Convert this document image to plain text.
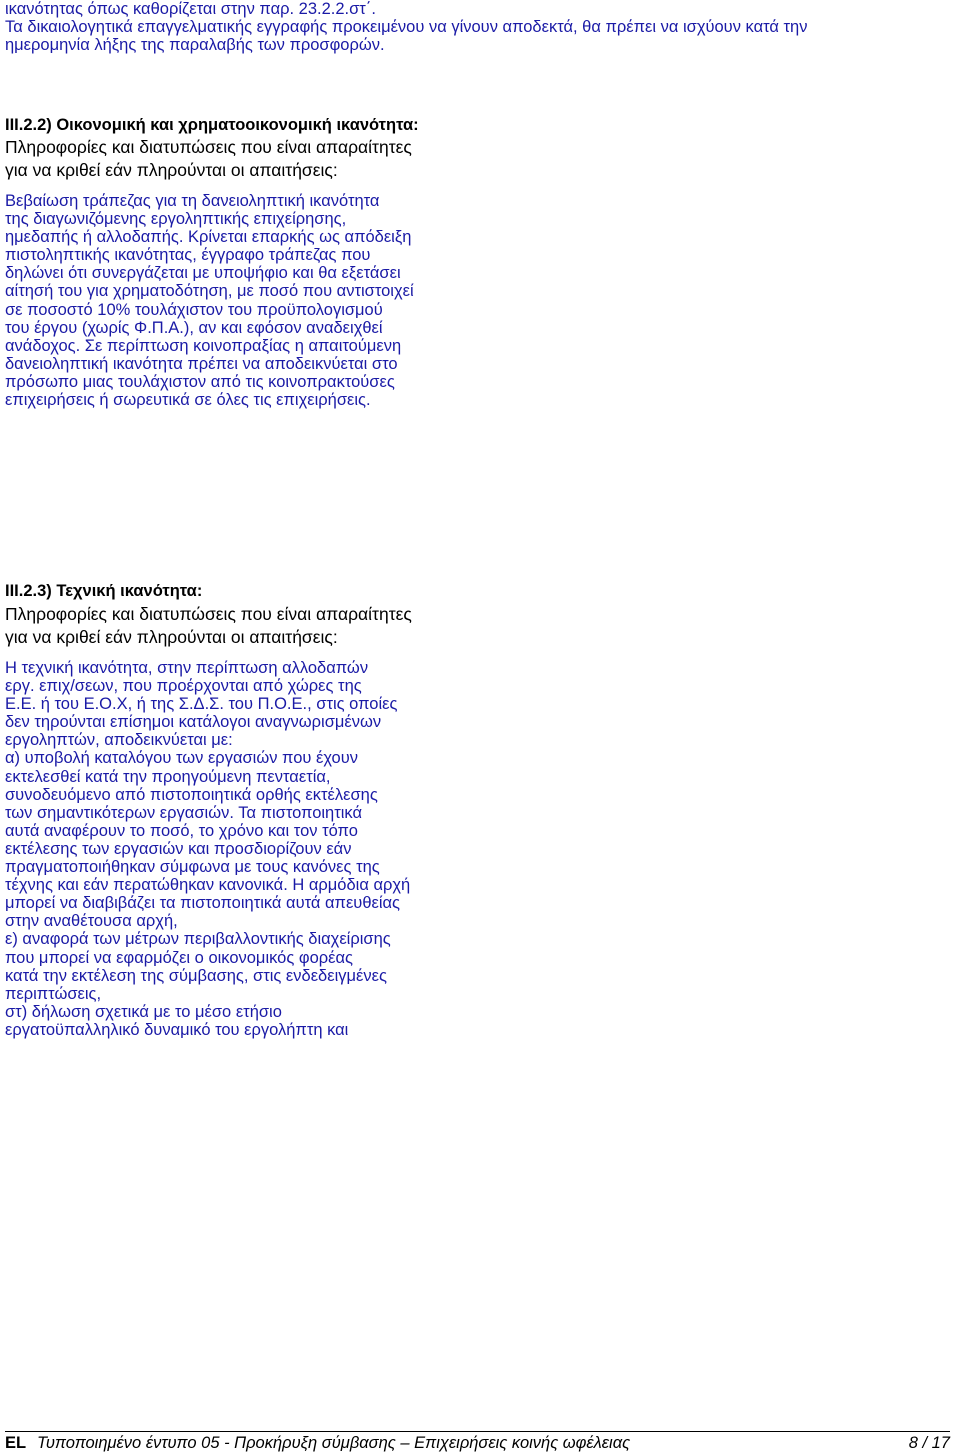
ικανότητας όπως καθορίζεται στην παρ. 23.2.2.στ΄.
Τα δικαιολογητικά επαγγελματικής εγγραφής προκειμένου να γίνουν αποδεκτά, θα πρέπει να ισχύουν κατά την
ημερομηνία λήξης της παραλαβής των προσφορών.
III.2.2) Οικονομική και χρηματοοικονομική ικανότητα:
Πληροφορίες και διατυπώσεις που είναι απαραίτητες
για να κριθεί εάν πληρούνται οι απαιτήσεις:
Βεβαίωση τράπεζας για τη δανειοληπτική ικανότητα
της διαγωνιζόμενης εργοληπτικής επιχείρησης,
ημεδαπής ή αλλοδαπής. Κρίνεται επαρκής ως απόδειξη
πιστοληπτικής ικανότητας, έγγραφο τράπεζας που
δηλώνει ότι συνεργάζεται με υποψήφιο και θα εξετάσει
αίτησή του για χρηματοδότηση, με ποσό που αντιστοιχεί
σε ποσοστό 10% τουλάχιστον του προϋπολογισμού
του έργου (χωρίς Φ.Π.Α.), αν και εφόσον αναδειχθεί
ανάδοχος. Σε περίπτωση κοινοπραξίας η απαιτούμενη
δανειοληπτική ικανότητα πρέπει να αποδεικνύεται στο
πρόσωπο μιας τουλάχιστον από τις κοινοπρακτούσες
επιχειρήσεις ή σωρευτικά σε όλες τις επιχειρήσεις.
III.2.3) Τεχνική ικανότητα:
Πληροφορίες και διατυπώσεις που είναι απαραίτητες
για να κριθεί εάν πληρούνται οι απαιτήσεις:
Η τεχνική ικανότητα, στην περίπτωση αλλοδαπών
εργ. επιχ/σεων, που προέρχονται από χώρες της
Ε.Ε. ή του Ε.Ο.Χ, ή της Σ.Δ.Σ. του Π.Ο.Ε., στις οποίες
δεν τηρούνται επίσημοι κατάλογοι αναγνωρισμένων
εργοληπτών, αποδεικνύεται με:
α) υποβολή καταλόγου των εργασιών που έχουν
εκτελεσθεί κατά την προηγούμενη πενταετία,
συνοδευόμενο από πιστοποιητικά ορθής εκτέλεσης
των σημαντικότερων εργασιών. Τα πιστοποιητικά
αυτά αναφέρουν το ποσό, το χρόνο και τον τόπο
εκτέλεσης των εργασιών και προσδιορίζουν εάν
πραγματοποιήθηκαν σύμφωνα με τους κανόνες της
τέχνης και εάν περατώθηκαν κανονικά. Η αρμόδια αρχή
μπορεί να διαβιβάζει τα πιστοποιητικά αυτά απευθείας
στην αναθέτουσα αρχή,
ε) αναφορά των μέτρων περιβαλλοντικής διαχείρισης
που μπορεί να εφαρμόζει ο οικονομικός φορέας
κατά την εκτέλεση της σύμβασης, στις ενδεδειγμένες
περιπτώσεις,
στ) δήλωση σχετικά με το μέσο ετήσιο
εργατοϋπαλληλικό δυναμικό του εργολήπτη και
EL Τυποποιημένο έντυπο 05 - Προκήρυξη σύμβασης – Επιχειρήσεις κοινής ωφέλειας	8 / 17
